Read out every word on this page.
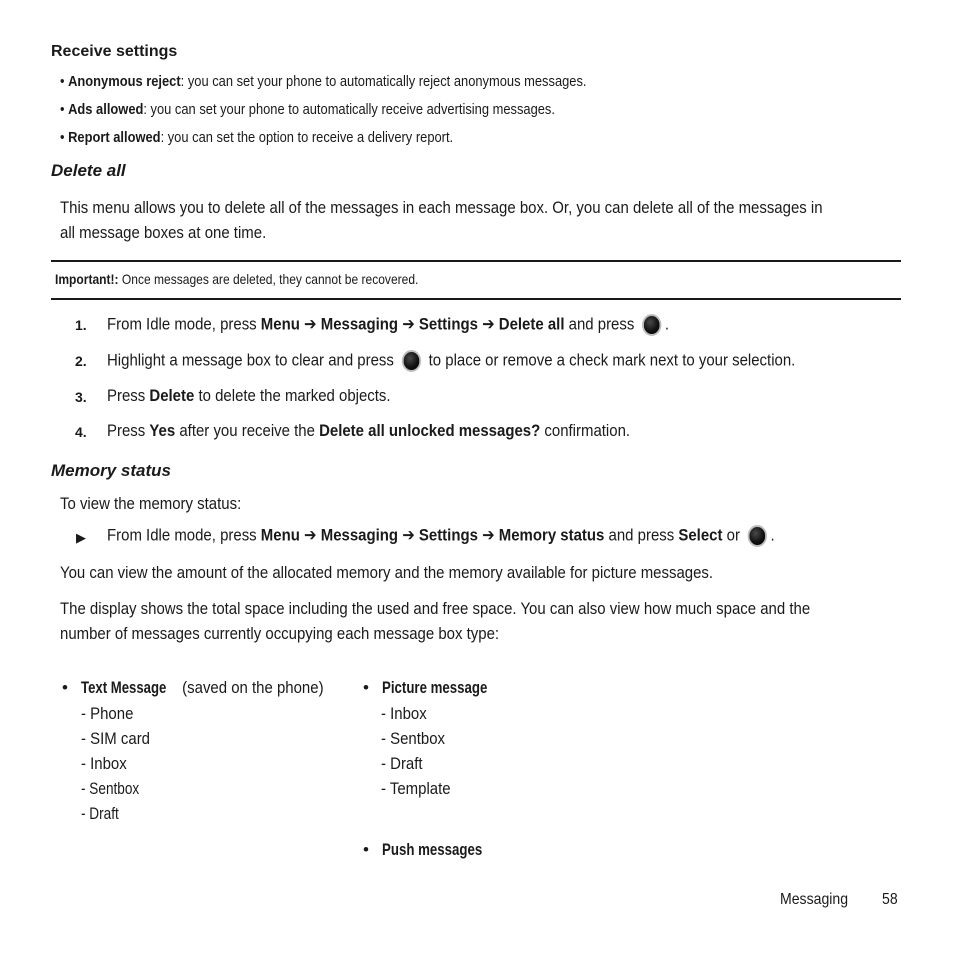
Receive settings
• Anonymous reject: you can set your phone to automatically reject anonymous messages.
• Ads allowed: you can set your phone to automatically receive advertising messages.
• Report allowed: you can set the option to receive a delivery report.
Delete all
This menu allows you to delete all of the messages in each message box. Or, you can delete all of the messages in
all message boxes at one time.
Important!: Once messages are deleted, they cannot be recovered.
1. From Idle mode, press Menu ➔ Messaging ➔ Settings ➔ Delete all and press .
2. Highlight a message box to clear and press to place or remove a check mark next to your selection.
3. Press Delete to delete the marked objects.
4. Press Yes after you receive the Delete all unlocked messages? confirmation.
Memory status
To view the memory status:
▶ From Idle mode, press Menu ➔ Messaging ➔ Settings ➔ Memory status and press Select or .
You can view the amount of the allocated memory and the memory available for picture messages.
The display shows the total space including the used and free space. You can also view how much space and the
number of messages currently occupying each message box type:
• Text Message (saved on the phone)
- Phone
- SIM card
- Inbox
- Sentbox
- Draft
• Picture message
- Inbox
- Sentbox
- Draft
- Template
• Push messages
Messaging	58
